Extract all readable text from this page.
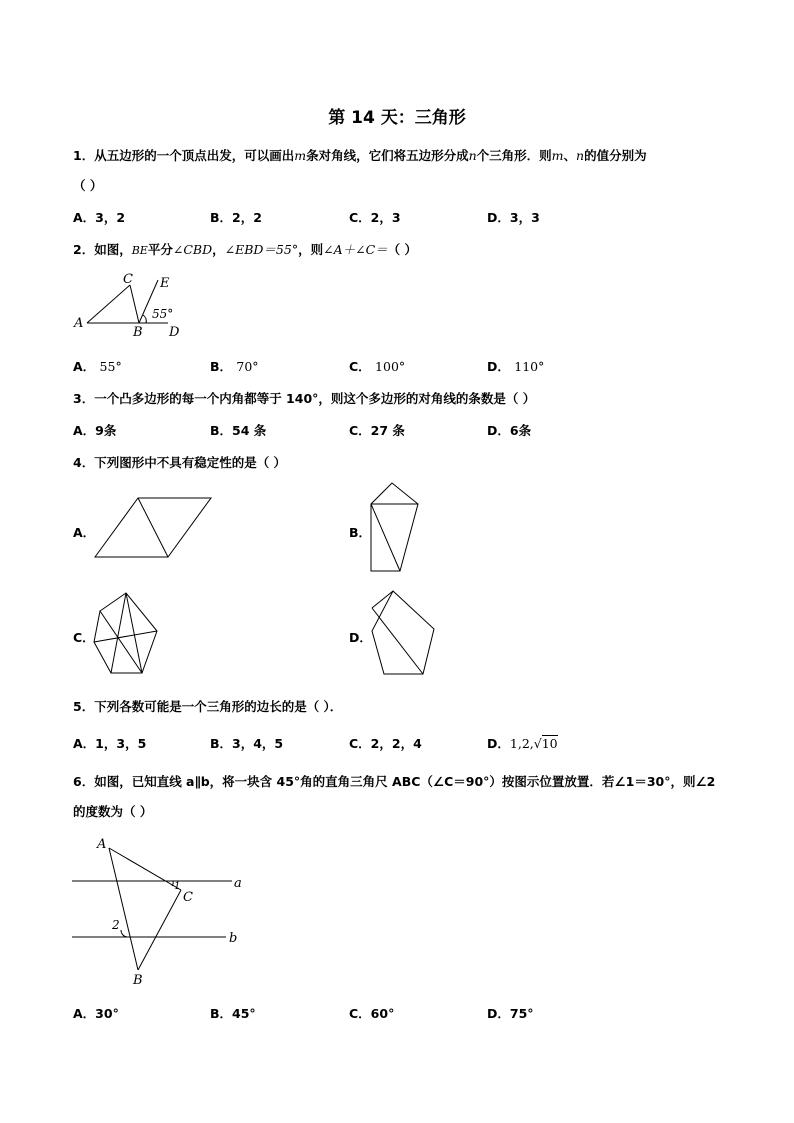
第 14 天：三角形
1．从五边形的一个顶点出发，可以画出m条对角线，它们将五边形分成n个三角形．则m、n的值分别为
（ ）
A．3，2	B．2，2	C．2，3	D．3，3
2．如图，BE平分∠CBD，∠EBD＝55°，则∠A＋∠C＝（ ）
A
C E
B D
55°
A． 55°	B． 70°	C． 100°	D． 110°
3．一个凸多边形的每一个内角都等于 140°，则这个多边形的对角线的条数是（ ）
A．9条	B．54 条	C．27 条	D．6条
4．下列图形中不具有稳定性的是（ ）
A．	B．
C．	D．
5．下列各数可能是一个三角形的边长的是（ ）．
A．1，3，5	B．3，4，5	C．2，2，4	D．1,2,√10
6．如图，已知直线 a∥b，将一块含 45°角的直角三角尺 ABC（∠C＝90°）按图示位置放置．若∠1＝30°，则∠2
的度数为（ ）
A
C
B
a
b
1
2
A．30°	B．45°	C．60°	D．75°
